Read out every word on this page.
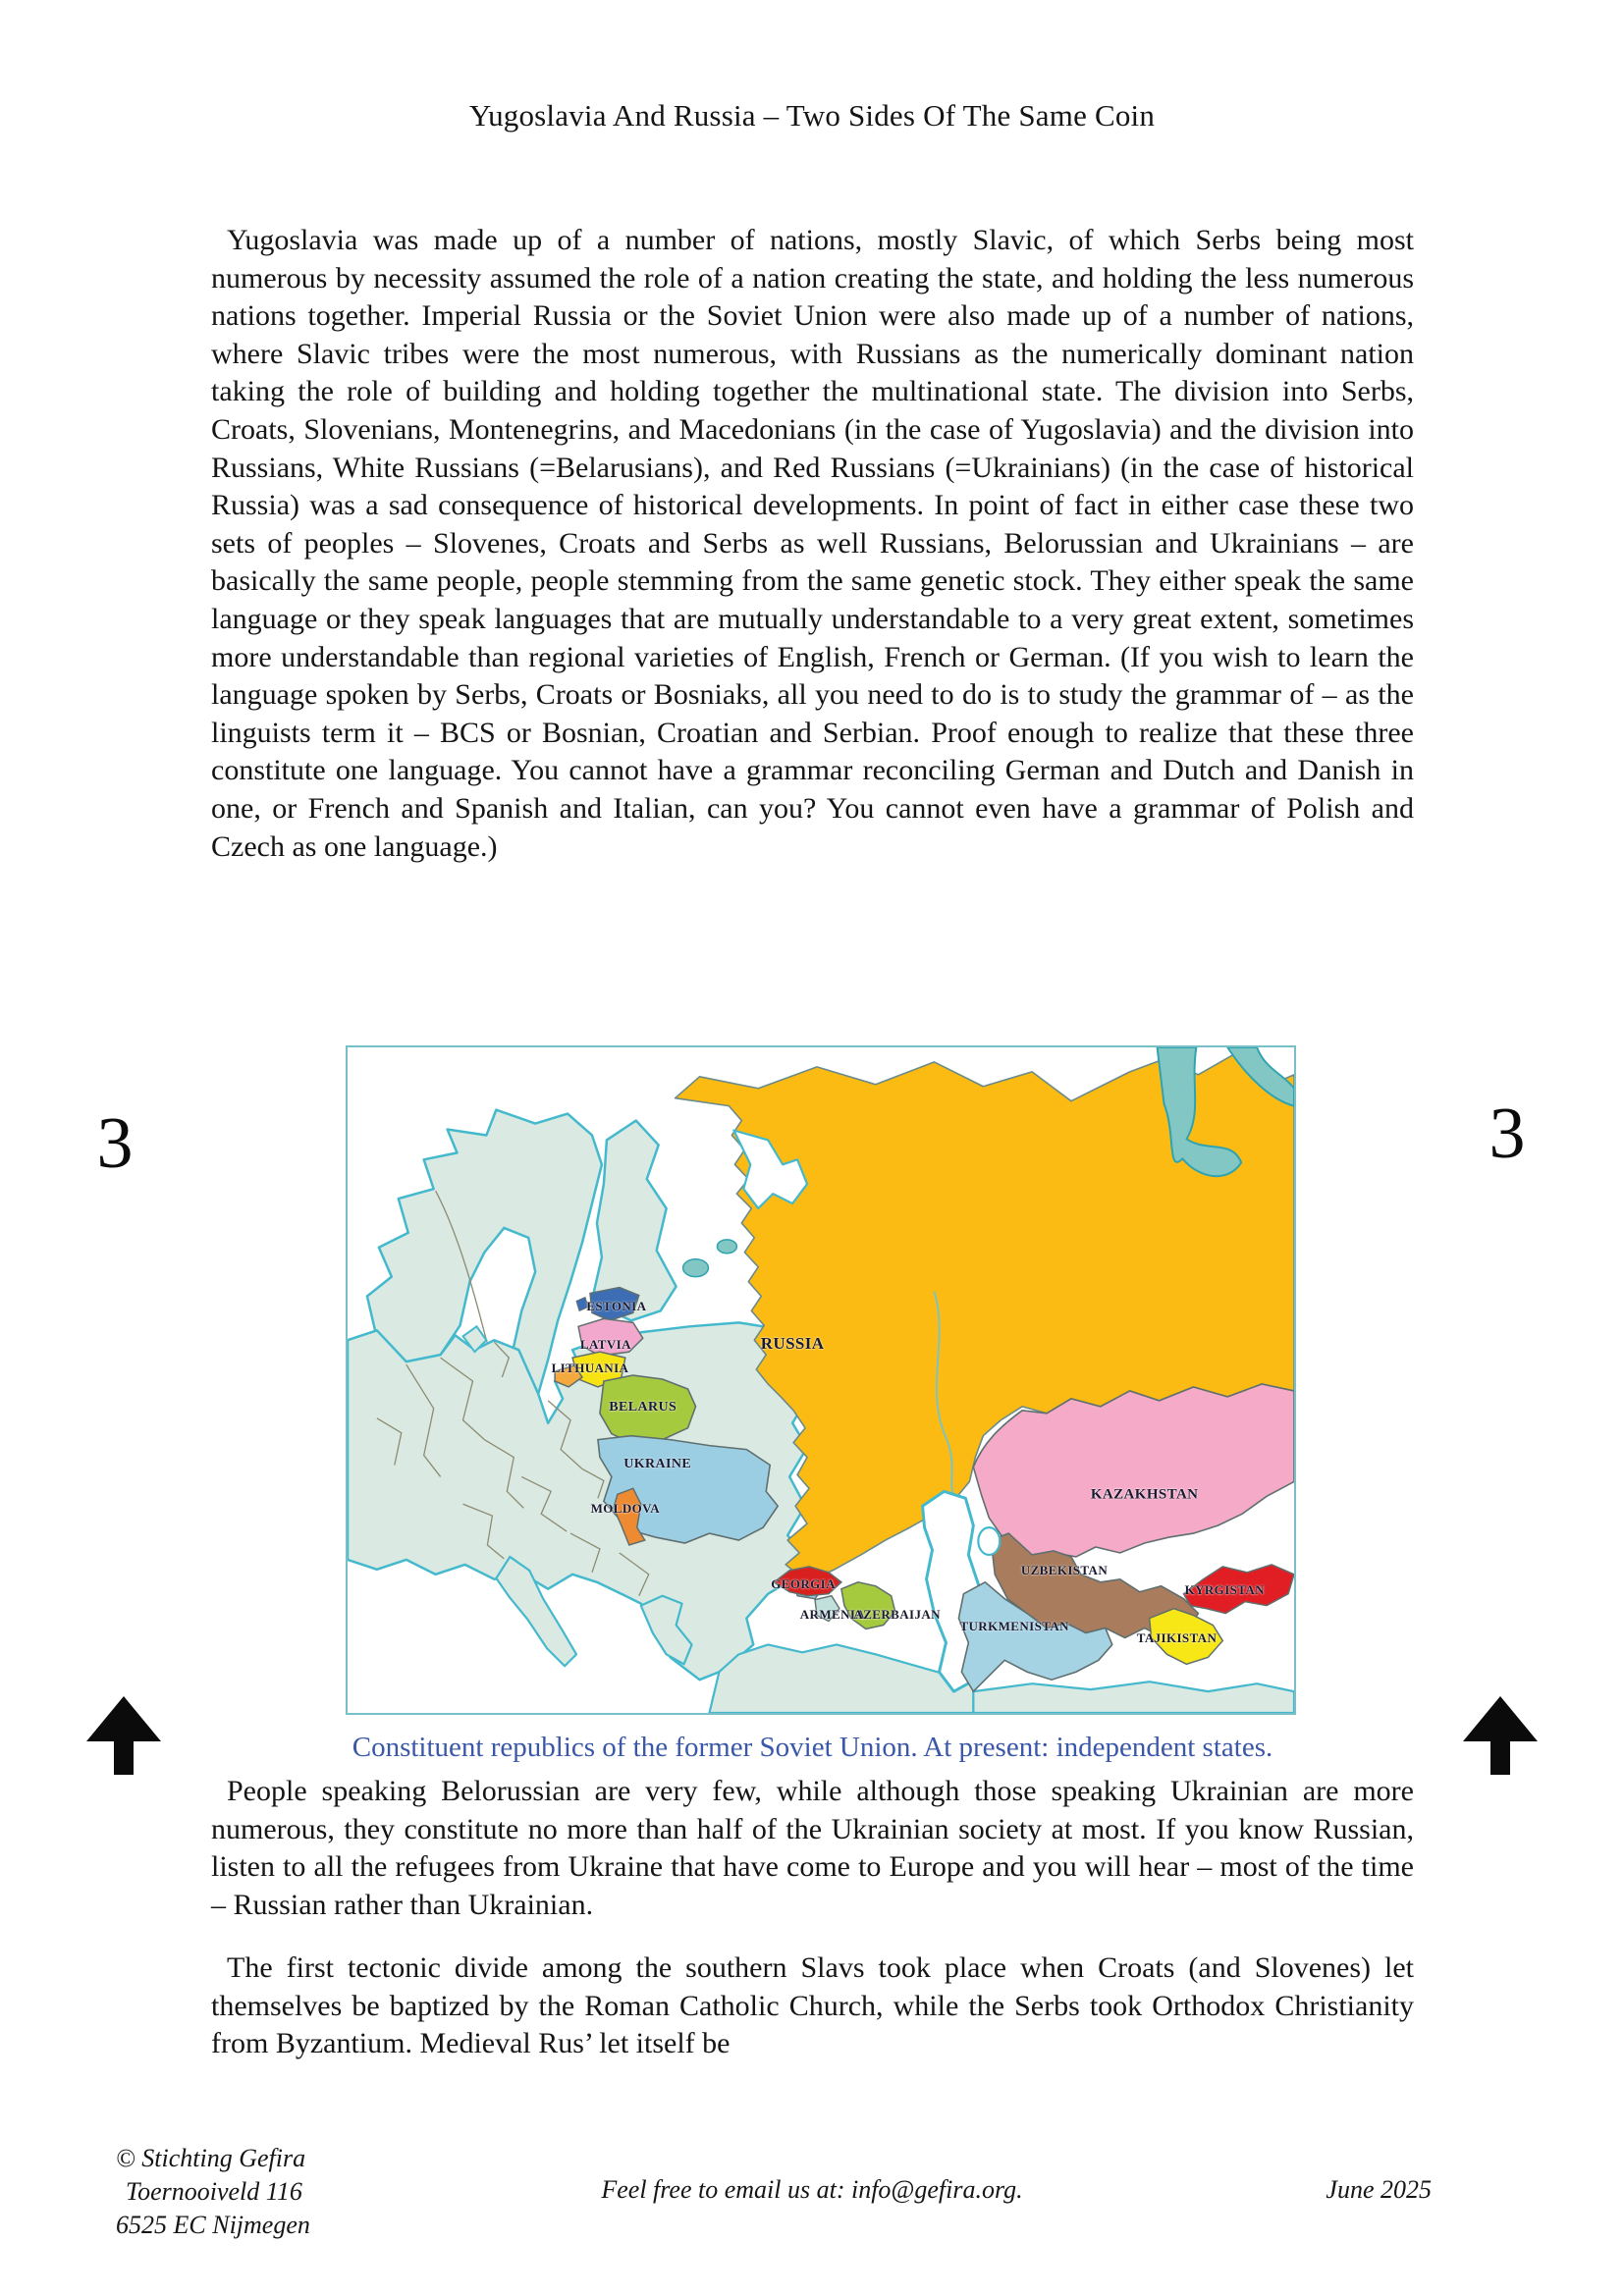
Yugoslavia And Russia – Two Sides Of The Same Coin
3	3

Yugoslavia was made up of a number of nations, mostly Slavic, of which Serbs being most numerous by necessity assumed the role of a nation creating the state, and holding the less numerous nations together. Imperial Russia or the Soviet Union were also made up of a number of nations, where Slavic tribes were the most numerous, with Russians as the numerically dominant nation taking the role of building and holding together the multinational state. The division into Serbs, Croats, Slovenians, Montenegrins, and Macedonians (in the case of Yugoslavia) and the division into Russians, White Russians (=Belarusians), and Red Russians (=Ukrainians) (in the case of historical Russia) was a sad consequence of historical developments. In point of fact in either case these two sets of peoples – Slovenes, Croats and Serbs as well Russians, Belorussian and Ukrainians – are basically the same people, people stemming from the same genetic stock. They either speak the same language or they speak languages that are mutually understandable to a very great extent, sometimes more understandable than regional varieties of English, French or German. (If you wish to learn the language spoken by Serbs, Croats or Bosniaks, all you need to do is to study the grammar of – as the linguists term it – BCS or Bosnian, Croatian and Serbian. Proof enough to realize that these three constitute one language. You cannot have a grammar reconciling German and Dutch and Danish in one, or French and Spanish and Italian, can you? You cannot even have a grammar of Polish and Czech as one language.)

RUSSIA
ESTONIA
LATVIA
LITHUANIA
BELARUS
UKRAINE
MOLDOVA
GEORGIA
ARMENIA
AZERBAIJAN
KAZAKHSTAN
UZBEKISTAN
TURKMENISTAN
KYRGISTAN
TAJIKISTAN
Constituent republics of the former Soviet Union. At present: independent states.

People speaking Belorussian are very few, while although those speaking Ukrainian are more numerous, they constitute no more than half of the Ukrainian society at most. If you know Russian, listen to all the refugees from Ukraine that have come to Europe and you will hear – most of the time – Russian rather than Ukrainian.

The first tectonic divide among the southern Slavs took place when Croats (and Slovenes) let themselves be baptized by the Roman Catholic Church, while the Serbs took Orthodox Christianity from Byzantium. Medieval Rus’ let itself be

© Stichting Gefira
Toernooiveld 116
6525 EC Nijmegen
Feel free to email us at: info@gefira.org.	June 2025
